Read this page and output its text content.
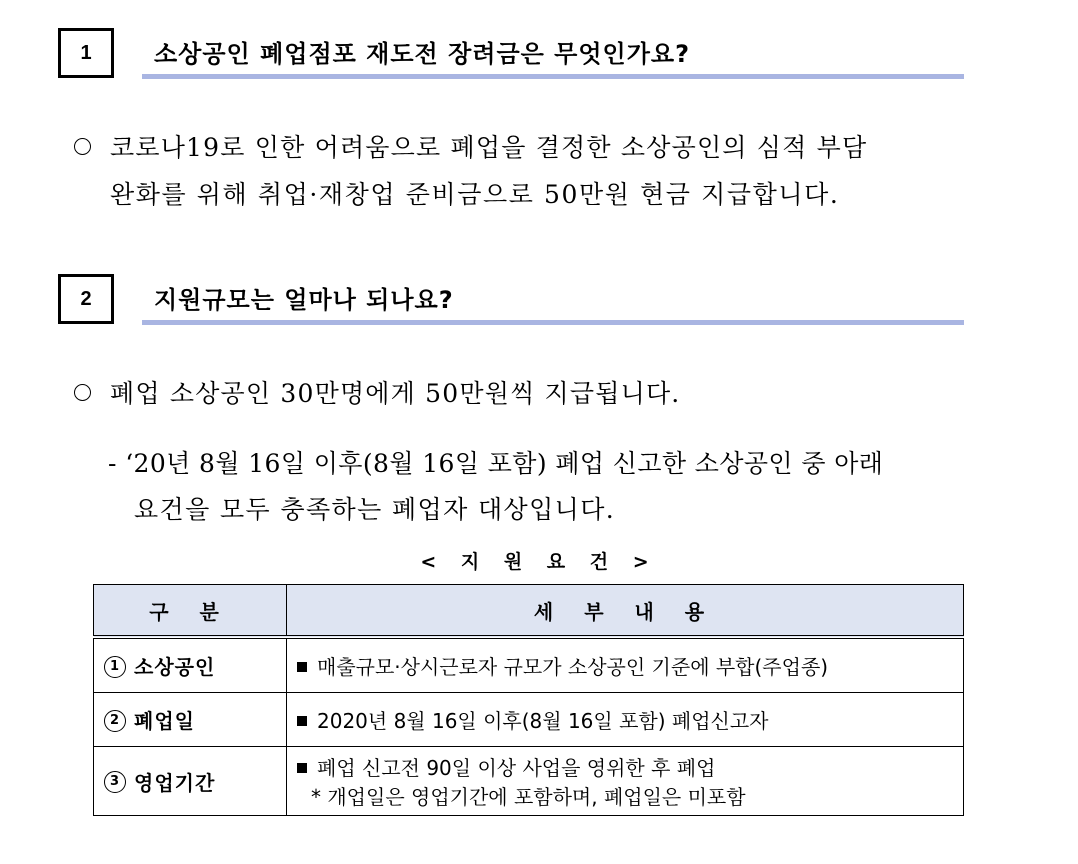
1	소상공인 폐업점포 재도전 장려금은 무엇인가요?
코로나19로 인한 어려움으로 폐업을 결정한 소상공인의 심적 부담
완화를 위해 취업·재창업 준비금으로 50만원 현금 지급합니다.
2	지원규모는 얼마나 되나요?
폐업 소상공인 30만명에게 50만원씩 지급됩니다.
- ‘20년 8월 16일 이후(8월 16일 포함) 폐업 신고한 소상공인 중 아래
요건을 모두 충족하는 폐업자 대상입니다.
< 지 원 요 건 >
구 분	세 부 내 용
1 소상공인	매출규모·상시근로자 규모가 소상공인 기준에 부합(주업종)
2 폐업일	2020년 8월 16일 이후(8월 16일 포함) 폐업신고자
3 영업기간	폐업 신고전 90일 이상 사업을 영위한 후 폐업
* 개업일은 영업기간에 포함하며, 폐업일은 미포함
